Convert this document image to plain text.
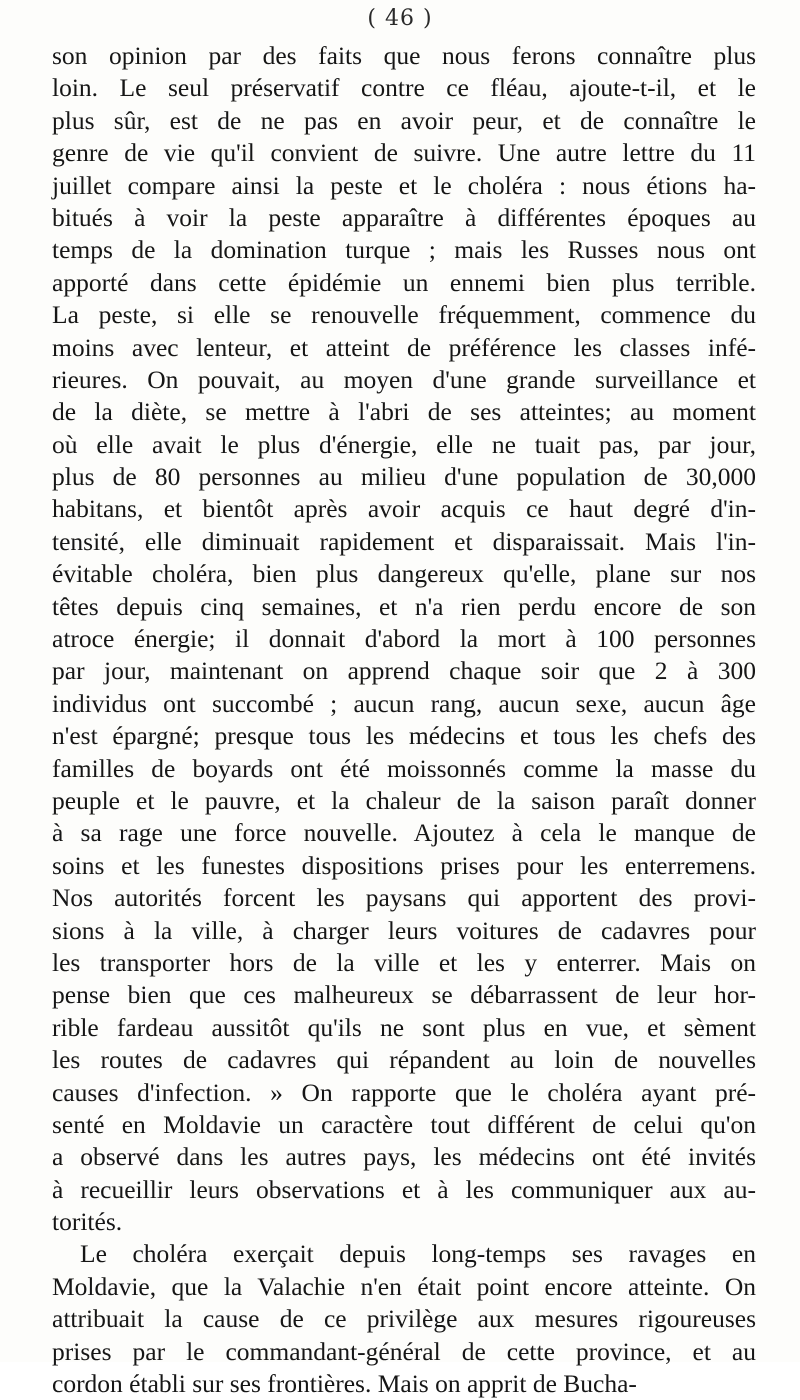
( 46 )
son opinion par des faits que nous ferons connaître plus
loin. Le seul préservatif contre ce fléau, ajoute-t-il, et le
plus sûr, est de ne pas en avoir peur, et de connaître le
genre de vie qu'il convient de suivre. Une autre lettre du 11
juillet compare ainsi la peste et le choléra : nous étions ha-
bitués à voir la peste apparaître à différentes époques au
temps de la domination turque ; mais les Russes nous ont
apporté dans cette épidémie un ennemi bien plus terrible.
La peste, si elle se renouvelle fréquemment, commence du
moins avec lenteur, et atteint de préférence les classes infé-
rieures. On pouvait, au moyen d'une grande surveillance et
de la diète, se mettre à l'abri de ses atteintes; au moment
où elle avait le plus d'énergie, elle ne tuait pas, par jour,
plus de 80 personnes au milieu d'une population de 30,000
habitans, et bientôt après avoir acquis ce haut degré d'in-
tensité, elle diminuait rapidement et disparaissait. Mais l'in-
évitable choléra, bien plus dangereux qu'elle, plane sur nos
têtes depuis cinq semaines, et n'a rien perdu encore de son
atroce énergie; il donnait d'abord la mort à 100 personnes
par jour, maintenant on apprend chaque soir que 2 à 300
individus ont succombé ; aucun rang, aucun sexe, aucun âge
n'est épargné; presque tous les médecins et tous les chefs des
familles de boyards ont été moissonnés comme la masse du
peuple et le pauvre, et la chaleur de la saison paraît donner
à sa rage une force nouvelle. Ajoutez à cela le manque de
soins et les funestes dispositions prises pour les enterremens.
Nos autorités forcent les paysans qui apportent des provi-
sions à la ville, à charger leurs voitures de cadavres pour
les transporter hors de la ville et les y enterrer. Mais on
pense bien que ces malheureux se débarrassent de leur hor-
rible fardeau aussitôt qu'ils ne sont plus en vue, et sèment
les routes de cadavres qui répandent au loin de nouvelles
causes d'infection. » On rapporte que le choléra ayant pré-
senté en Moldavie un caractère tout différent de celui qu'on
a observé dans les autres pays, les médecins ont été invités
à recueillir leurs observations et à les communiquer aux au-
torités.
Le choléra exerçait depuis long-temps ses ravages en
Moldavie, que la Valachie n'en était point encore atteinte. On
attribuait la cause de ce privilège aux mesures rigoureuses
prises par le commandant-général de cette province, et au
cordon établi sur ses frontières. Mais on apprit de Bucha-
